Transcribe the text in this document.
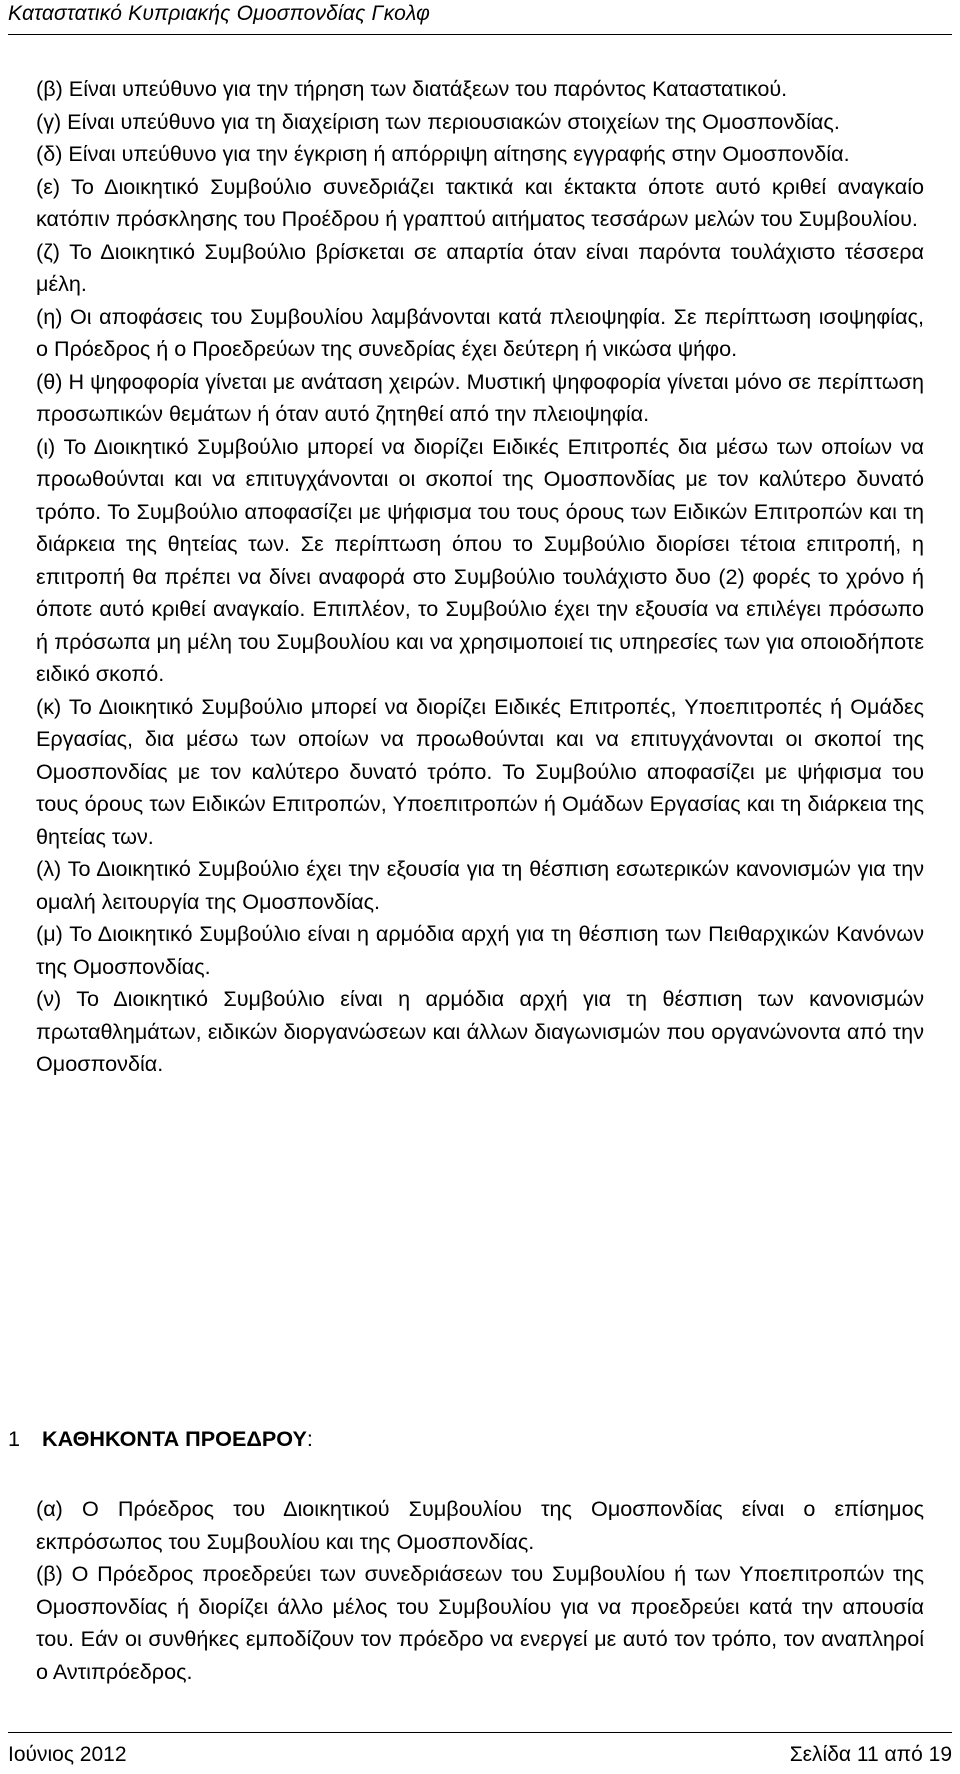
Καταστατικό Κυπριακής Ομοσπονδίας Γκολφ

(β) Είναι υπεύθυνο για την τήρηση των διατάξεων του παρόντος Καταστατικού.

(γ) Είναι υπεύθυνο για τη διαχείριση των περιουσιακών στοιχείων της Ομοσπονδίας.

(δ) Είναι υπεύθυνο για την έγκριση ή απόρριψη αίτησης εγγραφής στην Ομοσπονδία.

(ε) Το Διοικητικό Συμβούλιο συνεδριάζει τακτικά και έκτακτα όποτε αυτό κριθεί αναγκαίο κατόπιν πρόσκλησης του Προέδρου ή γραπτού αιτήματος τεσσάρων μελών του Συμβουλίου.

(ζ) Το Διοικητικό Συμβούλιο βρίσκεται σε απαρτία όταν είναι παρόντα τουλάχιστο τέσσερα μέλη.

(η) Οι αποφάσεις του Συμβουλίου λαμβάνονται κατά πλειοψηφία. Σε περίπτωση ισοψηφίας, ο Πρόεδρος ή ο Προεδρεύων της συνεδρίας έχει δεύτερη ή νικώσα ψήφο.

(θ) Η ψηφοφορία γίνεται με ανάταση χειρών. Μυστική ψηφοφορία γίνεται μόνο σε περίπτωση προσωπικών θεμάτων ή όταν αυτό ζητηθεί από την πλειοψηφία.

(ι) Το Διοικητικό Συμβούλιο μπορεί να διορίζει Ειδικές Επιτροπές δια μέσω των οποίων να προωθούνται και να επιτυγχάνονται οι σκοποί της Ομοσπονδίας με τον καλύτερο δυνατό τρόπο. Το Συμβούλιο αποφασίζει με ψήφισμα του τους όρους των Ειδικών Επιτροπών και τη διάρκεια της θητείας των. Σε περίπτωση όπου το Συμβούλιο διορίσει τέτοια επιτροπή, η επιτροπή θα πρέπει να δίνει αναφορά στο Συμβούλιο τουλάχιστο δυο (2) φορές το χρόνο ή όποτε αυτό κριθεί αναγκαίο. Επιπλέον, το Συμβούλιο έχει την εξουσία να επιλέγει πρόσωπο ή πρόσωπα μη μέλη του Συμβουλίου και να χρησιμοποιεί τις υπηρεσίες των για οποιοδήποτε ειδικό σκοπό.

(κ) Το Διοικητικό Συμβούλιο μπορεί να διορίζει Ειδικές Επιτροπές, Υποεπιτροπές ή Ομάδες Εργασίας, δια μέσω των οποίων να προωθούνται και να επιτυγχάνονται οι σκοποί της Ομοσπονδίας με τον καλύτερο δυνατό τρόπο. Το Συμβούλιο αποφασίζει με ψήφισμα του τους όρους των Ειδικών Επιτροπών, Υποεπιτροπών ή Ομάδων Εργασίας και τη διάρκεια της θητείας των.

(λ) Το Διοικητικό Συμβούλιο έχει την εξουσία για τη θέσπιση εσωτερικών κανονισμών για την ομαλή λειτουργία της Ομοσπονδίας.

(μ) Το Διοικητικό Συμβούλιο είναι η αρμόδια αρχή για τη θέσπιση των Πειθαρχικών Κανόνων της Ομοσπονδίας.

(ν) Το Διοικητικό Συμβούλιο είναι η αρμόδια αρχή για τη θέσπιση των κανονισμών πρωταθλημάτων, ειδικών διοργανώσεων και άλλων διαγωνισμών που οργανώνοντα από την Ομοσπονδία.

1 ΚΑΘΗΚΟΝΤΑ ΠΡΟΕΔΡΟΥ:

(α) Ο Πρόεδρος του Διοικητικού Συμβουλίου της Ομοσπονδίας είναι ο επίσημος εκπρόσωπος του Συμβουλίου και της Ομοσπονδίας.

(β) Ο Πρόεδρος προεδρεύει των συνεδριάσεων του Συμβουλίου ή των Υποεπιτροπών της Ομοσπονδίας ή διορίζει άλλο μέλος του Συμβουλίου για να προεδρεύει κατά την απουσία του. Εάν οι συνθήκες εμποδίζουν τον πρόεδρο να ενεργεί με αυτό τον τρόπο, τον αναπληροί ο Αντιπρόεδρος.

Ιούνιος 2012	Σελίδα 11 από 19
